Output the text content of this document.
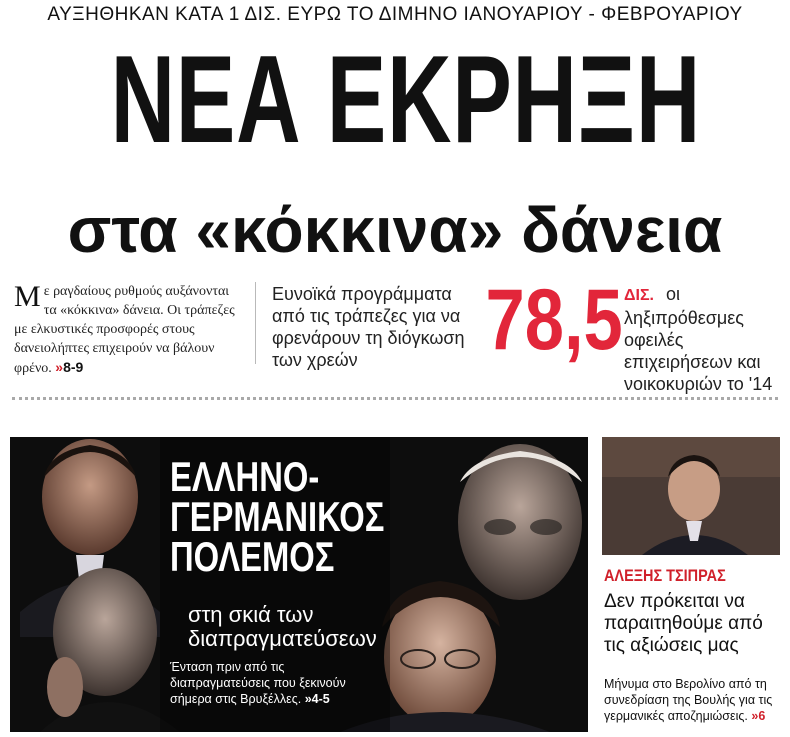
ΑΥΞΗΘΗΚΑΝ ΚΑΤΑ 1 ΔΙΣ. ΕΥΡΩ ΤΟ ΔΙΜΗΝΟ ΙΑΝΟΥΑΡΙΟΥ - ΦΕΒΡΟΥΑΡΙΟΥ
ΝΕΑ ΕΚΡΗΞΗ
στα «κόκκινα» δάνεια
Με ραγδαίους ρυθμούς αυξάνονται τα «κόκκινα» δάνεια. Οι τράπεζες με ελκυστικές προσφορές στους δανειολήπτες επιχειρούν να βάλουν φρένο. »8-9
Ευνοϊκά προγράμματα από τις τράπεζες για να φρενάρουν τη διόγκωση των χρεών	78,5 ΔΙΣ. οι ληξιπρόθεσμες οφειλές επιχειρήσεων και νοικοκυριών το '14
ΕΛΛΗΝΟ-
ΓΕΡΜΑΝΙΚΟΣ
ΠΟΛΕΜΟΣ
στη σκιά των
διαπραγματεύσεων
Ένταση πριν από τις διαπραγματεύσεις που ξεκινούν σήμερα στις Βρυξέλλες. »4-5
ΑΛΕΞΗΣ ΤΣΙΠΡΑΣ
Δεν πρόκειται να παραιτηθούμε από τις αξιώσεις μας
Μήνυμα στο Βερολίνο από τη συνεδρίαση της Βουλής για τις γερμανικές αποζημιώσεις. »6
